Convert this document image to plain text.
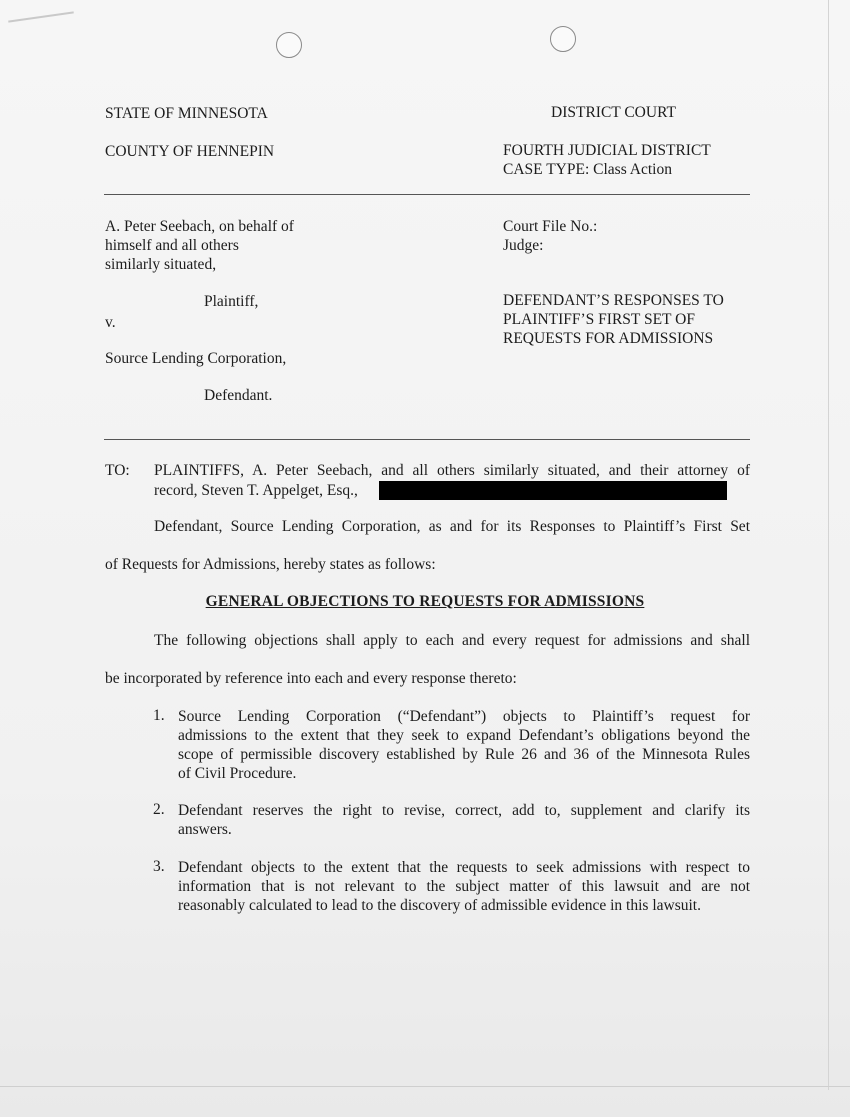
STATE OF MINNESOTA	DISTRICT COURT
COUNTY OF HENNEPIN	FOURTH JUDICIAL DISTRICT
CASE TYPE: Class Action
A. Peter Seebach, on behalf of
himself and all others
similarly situated,
Plaintiff,
v.
Source Lending Corporation,
Defendant.
Court File No.:
Judge:
DEFENDANT’S RESPONSES TO
PLAINTIFF’S FIRST SET OF
REQUESTS FOR ADMISSIONS
TO: PLAINTIFFS, A. Peter Seebach, and all others similarly situated, and their attorney of
record, Steven T. Appelget, Esq.,
Defendant, Source Lending Corporation, as and for its Responses to Plaintiff’s First Set
of Requests for Admissions, hereby states as follows:
GENERAL OBJECTIONS TO REQUESTS FOR ADMISSIONS
The following objections shall apply to each and every request for admissions and shall
be incorporated by reference into each and every response thereto:
1. Source Lending Corporation (“Defendant”) objects to Plaintiff’s request for
admissions to the extent that they seek to expand Defendant’s obligations beyond the
scope of permissible discovery established by Rule 26 and 36 of the Minnesota Rules
of Civil Procedure.
2. Defendant reserves the right to revise, correct, add to, supplement and clarify its
answers.
3. Defendant objects to the extent that the requests to seek admissions with respect to
information that is not relevant to the subject matter of this lawsuit and are not
reasonably calculated to lead to the discovery of admissible evidence in this lawsuit.
